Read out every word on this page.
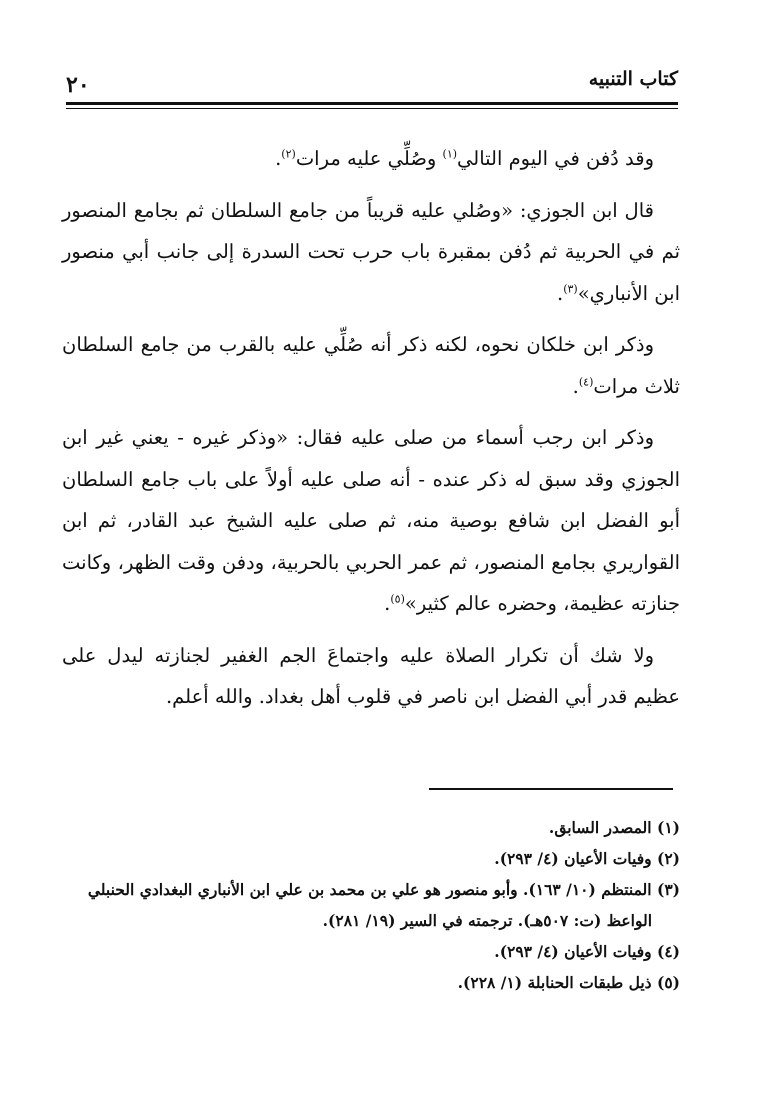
٢٠	كتاب التنبيه

وقد دُفن في اليوم التالي$^{(١)}$ وصُلِّي عليه مرات$^{(٢)}$.

قال ابن الجوزي: «وصُلي عليه قريباً من جامع السلطان ثم بجامع المنصور ثم في الحربية ثم دُفن بمقبرة باب حرب تحت السدرة إلى جانب أبي منصور ابن الأنباري»$^{(٣)}$.

وذكر ابن خلكان نحوه، لكنه ذكر أنه صُلِّي عليه بالقرب من جامع السلطان ثلاث مرات$^{(٤)}$.

وذكر ابن رجب أسماء من صلى عليه فقال: «وذكر غيره - يعني غير ابن الجوزي وقد سبق له ذكر عنده - أنه صلى عليه أولاً على باب جامع السلطان أبو الفضل ابن شافع بوصية منه، ثم صلى عليه الشيخ عبد القادر، ثم ابن القواريري بجامع المنصور، ثم عمر الحربي بالحربية، ودفن وقت الظهر، وكانت جنازته عظيمة، وحضره عالم كثير»$^{(٥)}$.

ولا شك أن تكرار الصلاة عليه واجتماعَ الجم الغفير لجنازته ليدل على عظيم قدر أبي الفضل ابن ناصر في قلوب أهل بغداد. والله أعلم.

(١) المصدر السابق.

(٢) وفيات الأعيان (٤/ ٢٩٣).

(٣) المنتظم (١٠/ ١٦٣). وأبو منصور هو علي بن محمد بن علي ابن الأنباري البغدادي الحنبلي

الواعظ (ت: ٥٠٧هـ). ترجمته في السير (١٩/ ٢٨١).

(٤) وفيات الأعيان (٤/ ٢٩٣).

(٥) ذيل طبقات الحنابلة (١/ ٢٢٨).
